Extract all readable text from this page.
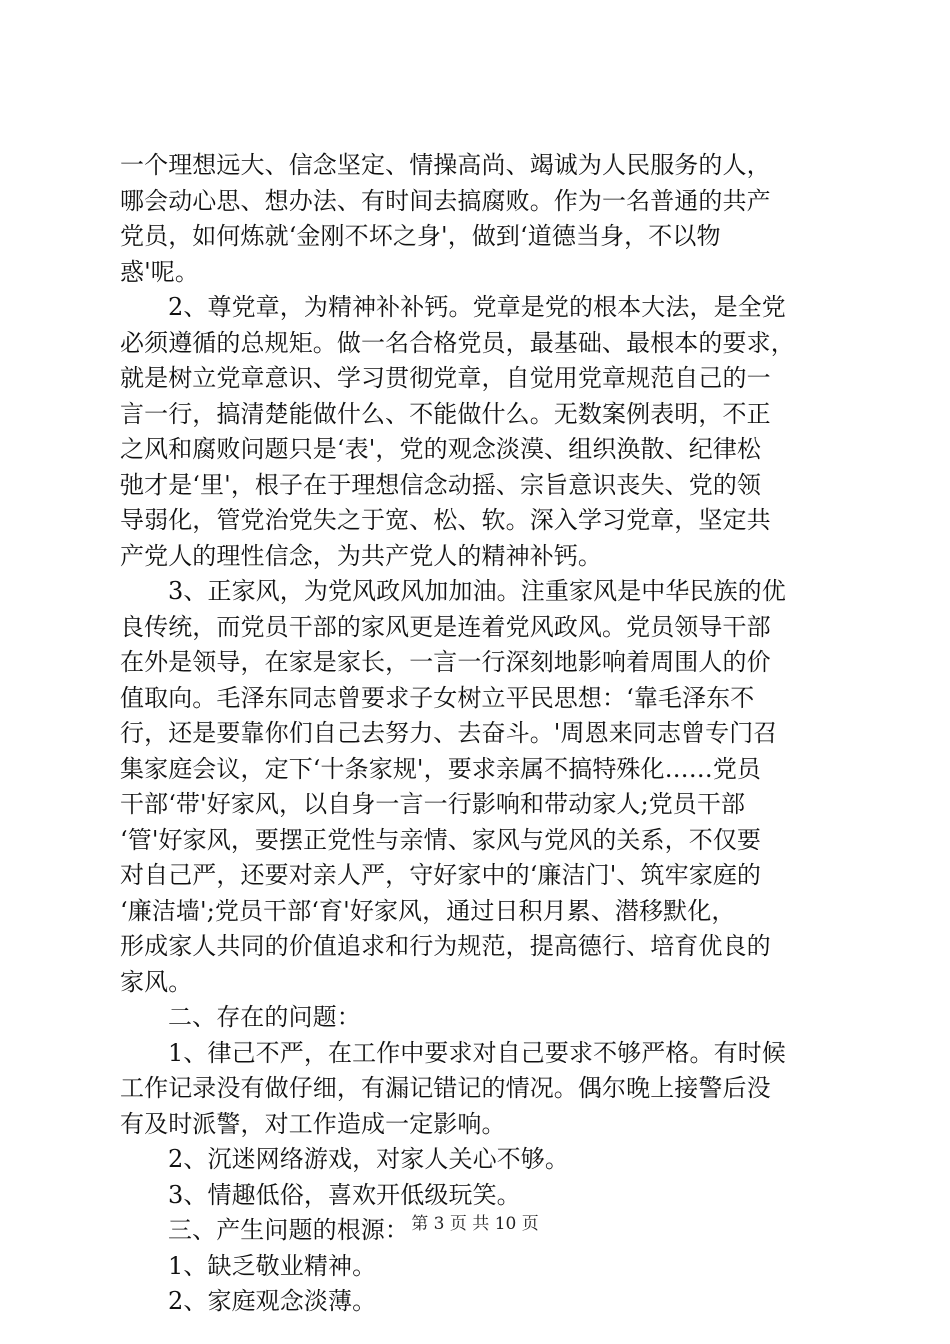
一个理想远大、信念坚定、情操高尚、竭诚为人民服务的人，
哪会动心思、想办法、有时间去搞腐败。作为一名普通的共产
党员，如何炼就‘金刚不坏之身'，做到‘道德当身，不以物
惑'呢。
2、尊党章，为精神补补钙。党章是党的根本大法，是全党
必须遵循的总规矩。做一名合格党员，最基础、最根本的要求，
就是树立党章意识、学习贯彻党章，自觉用党章规范自己的一
言一行，搞清楚能做什么、不能做什么。无数案例表明，不正
之风和腐败问题只是‘表'，党的观念淡漠、组织涣散、纪律松
弛才是‘里'，根子在于理想信念动摇、宗旨意识丧失、党的领
导弱化，管党治党失之于宽、松、软。深入学习党章，坚定共
产党人的理性信念，为共产党人的精神补钙。
3、正家风，为党风政风加加油。注重家风是中华民族的优
良传统，而党员干部的家风更是连着党风政风。党员领导干部
在外是领导，在家是家长，一言一行深刻地影响着周围人的价
值取向。毛泽东同志曾要求子女树立平民思想：‘靠毛泽东不
行，还是要靠你们自己去努力、去奋斗。'周恩来同志曾专门召
集家庭会议，定下‘十条家规'，要求亲属不搞特殊化……党员
干部‘带'好家风，以自身一言一行影响和带动家人;党员干部
‘管'好家风，要摆正党性与亲情、家风与党风的关系，不仅要
对自己严，还要对亲人严，守好家中的‘廉洁门'、筑牢家庭的
‘廉洁墙';党员干部‘育'好家风，通过日积月累、潜移默化，
形成家人共同的价值追求和行为规范，提高德行、培育优良的
家风。
二、存在的问题：
1、律己不严，在工作中要求对自己要求不够严格。有时候
工作记录没有做仔细，有漏记错记的情况。偶尔晚上接警后没
有及时派警，对工作造成一定影响。
2、沉迷网络游戏，对家人关心不够。
3、情趣低俗，喜欢开低级玩笑。
三、产生问题的根源：
1、缺乏敬业精神。
2、家庭观念淡薄。
第 3 页 共 10 页
